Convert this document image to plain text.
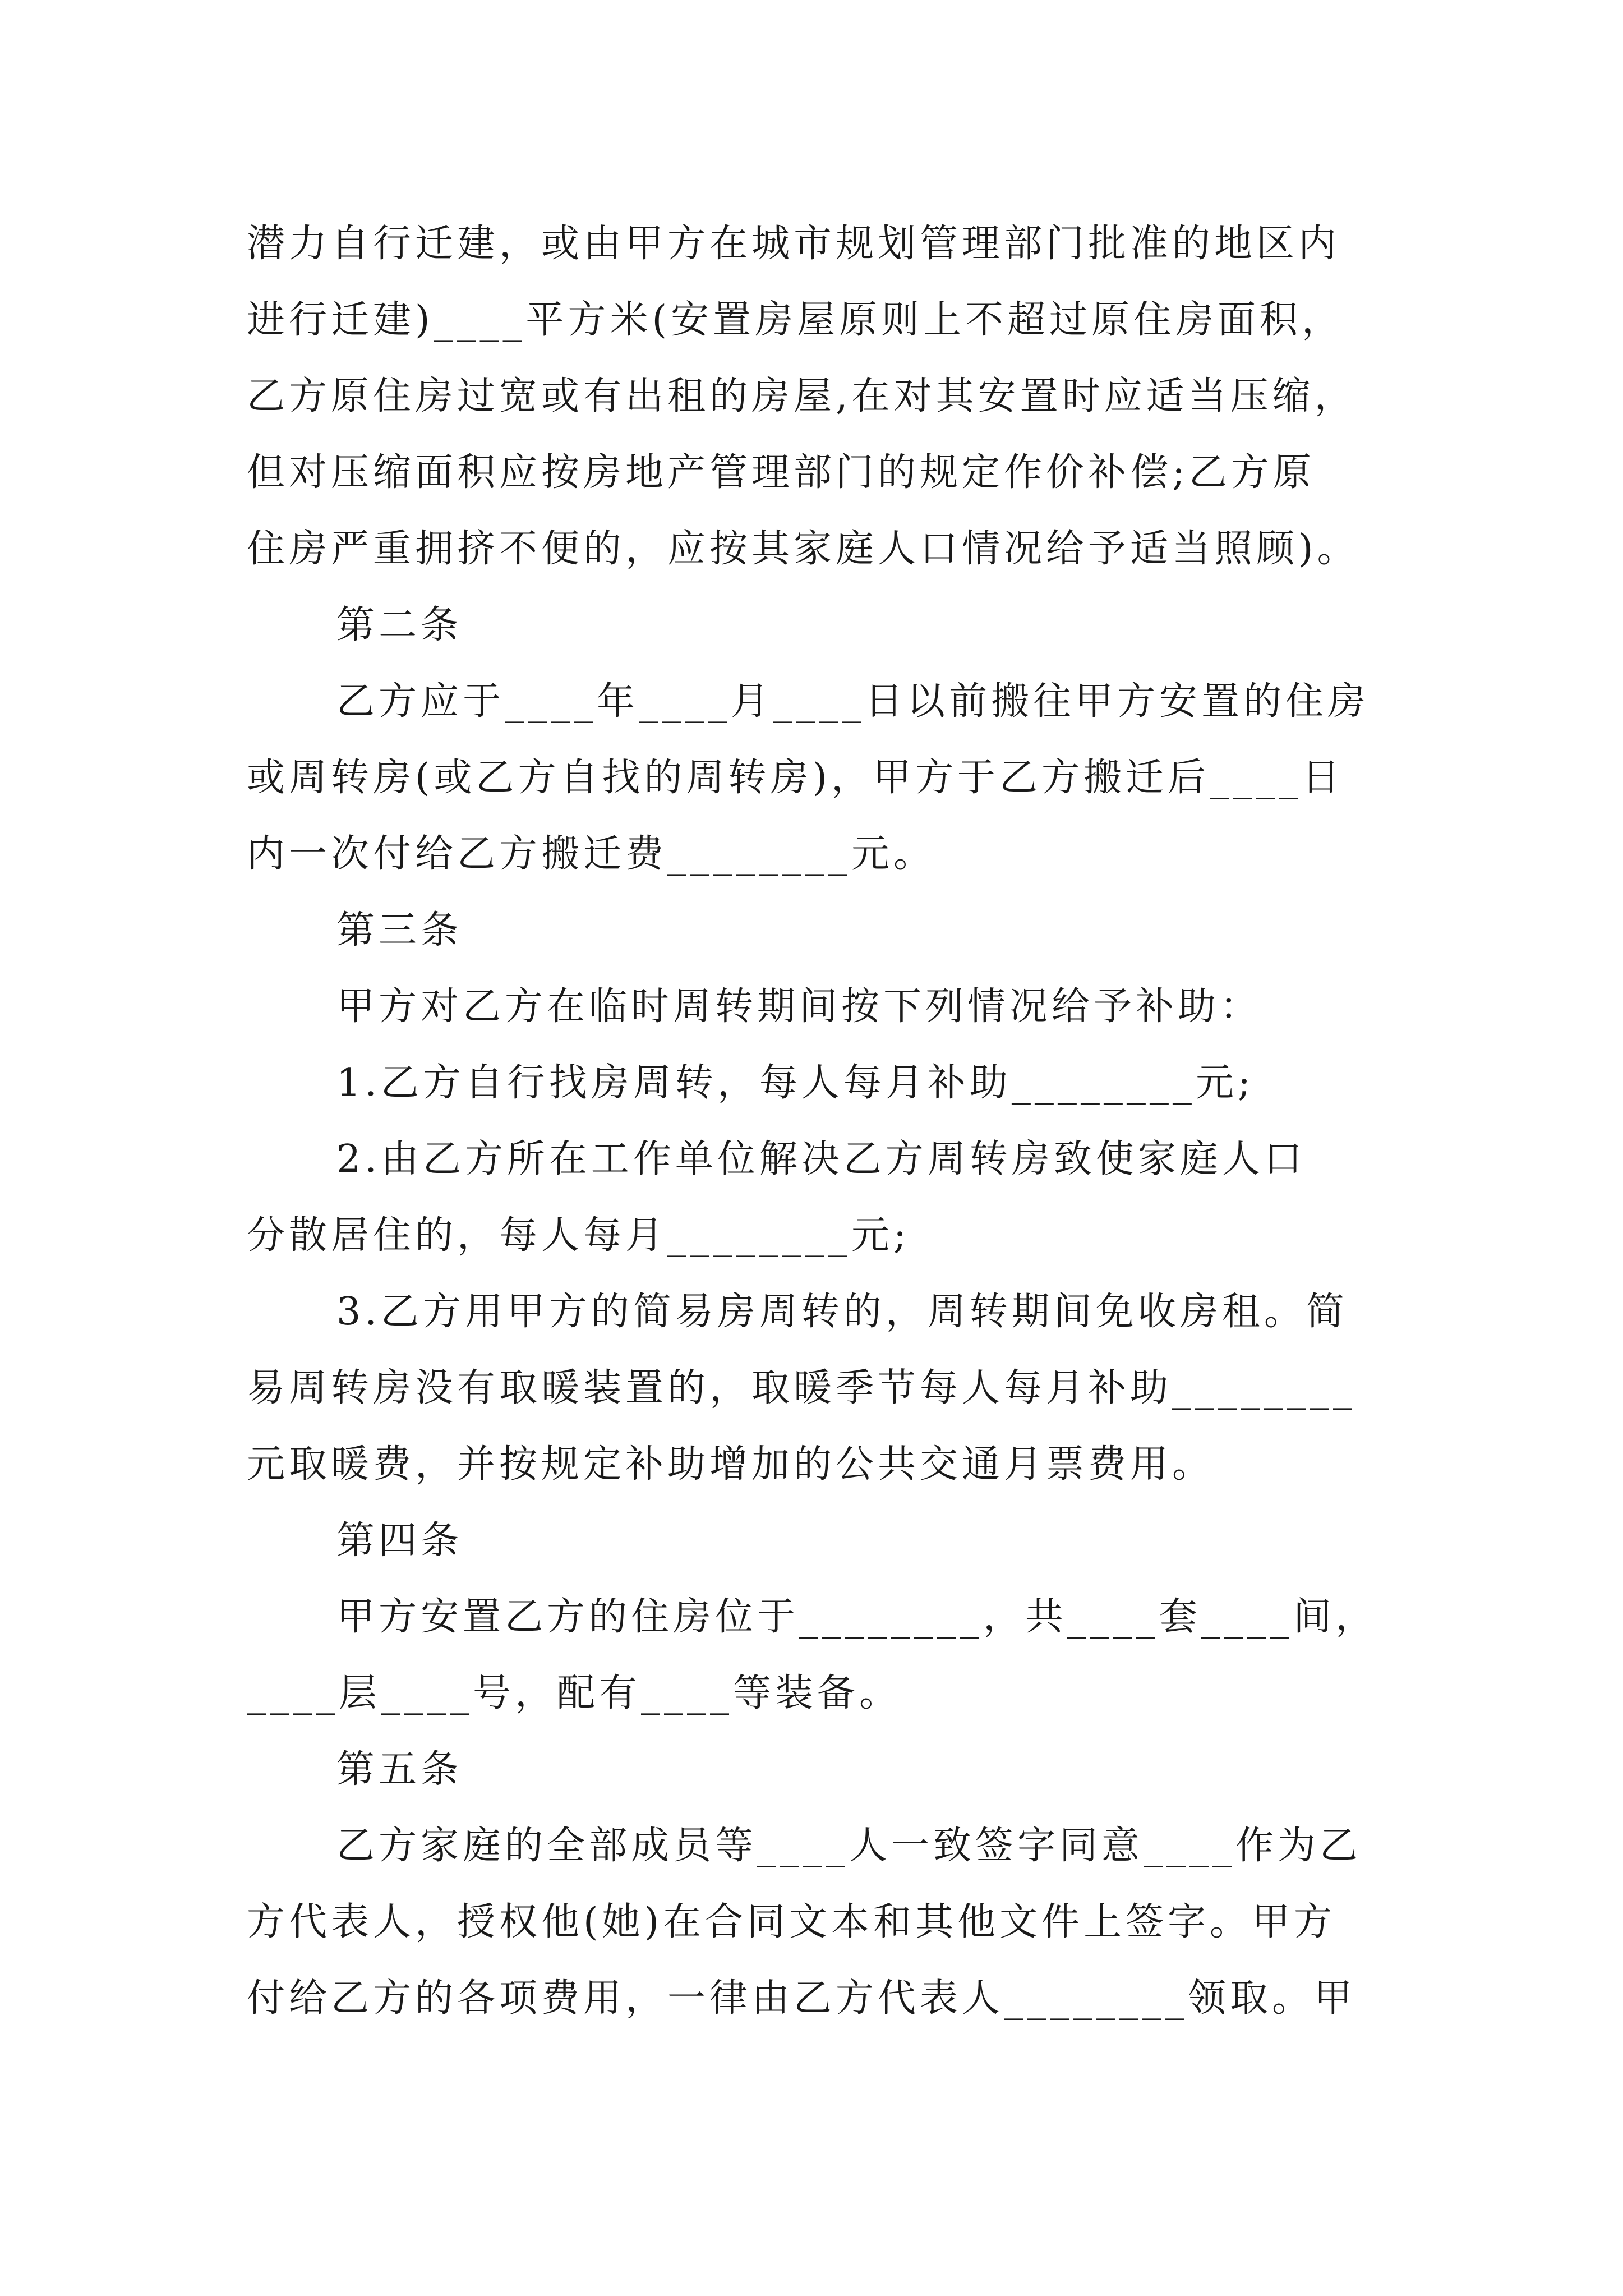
潜力自行迁建，或由甲方在城市规划管理部门批准的地区内
进行迁建)____平方米(安置房屋原则上不超过原住房面积，
乙方原住房过宽或有出租的房屋,在对其安置时应适当压缩，
但对压缩面积应按房地产管理部门的规定作价补偿;乙方原
住房严重拥挤不便的，应按其家庭人口情况给予适当照顾)。
第二条
乙方应于____年____月____日以前搬往甲方安置的住房
或周转房(或乙方自找的周转房)，甲方于乙方搬迁后____日
内一次付给乙方搬迁费________元。
第三条
甲方对乙方在临时周转期间按下列情况给予补助：
1.乙方自行找房周转，每人每月补助________元;
2.由乙方所在工作单位解决乙方周转房致使家庭人口
分散居住的，每人每月________元;
3.乙方用甲方的简易房周转的，周转期间免收房租。简
易周转房没有取暖装置的，取暖季节每人每月补助________
元取暖费，并按规定补助增加的公共交通月票费用。
第四条
甲方安置乙方的住房位于________，共____套____间，
____层____号，配有____等装备。
第五条
乙方家庭的全部成员等____人一致签字同意____作为乙
方代表人，授权他(她)在合同文本和其他文件上签字。甲方
付给乙方的各项费用，一律由乙方代表人________领取。甲
